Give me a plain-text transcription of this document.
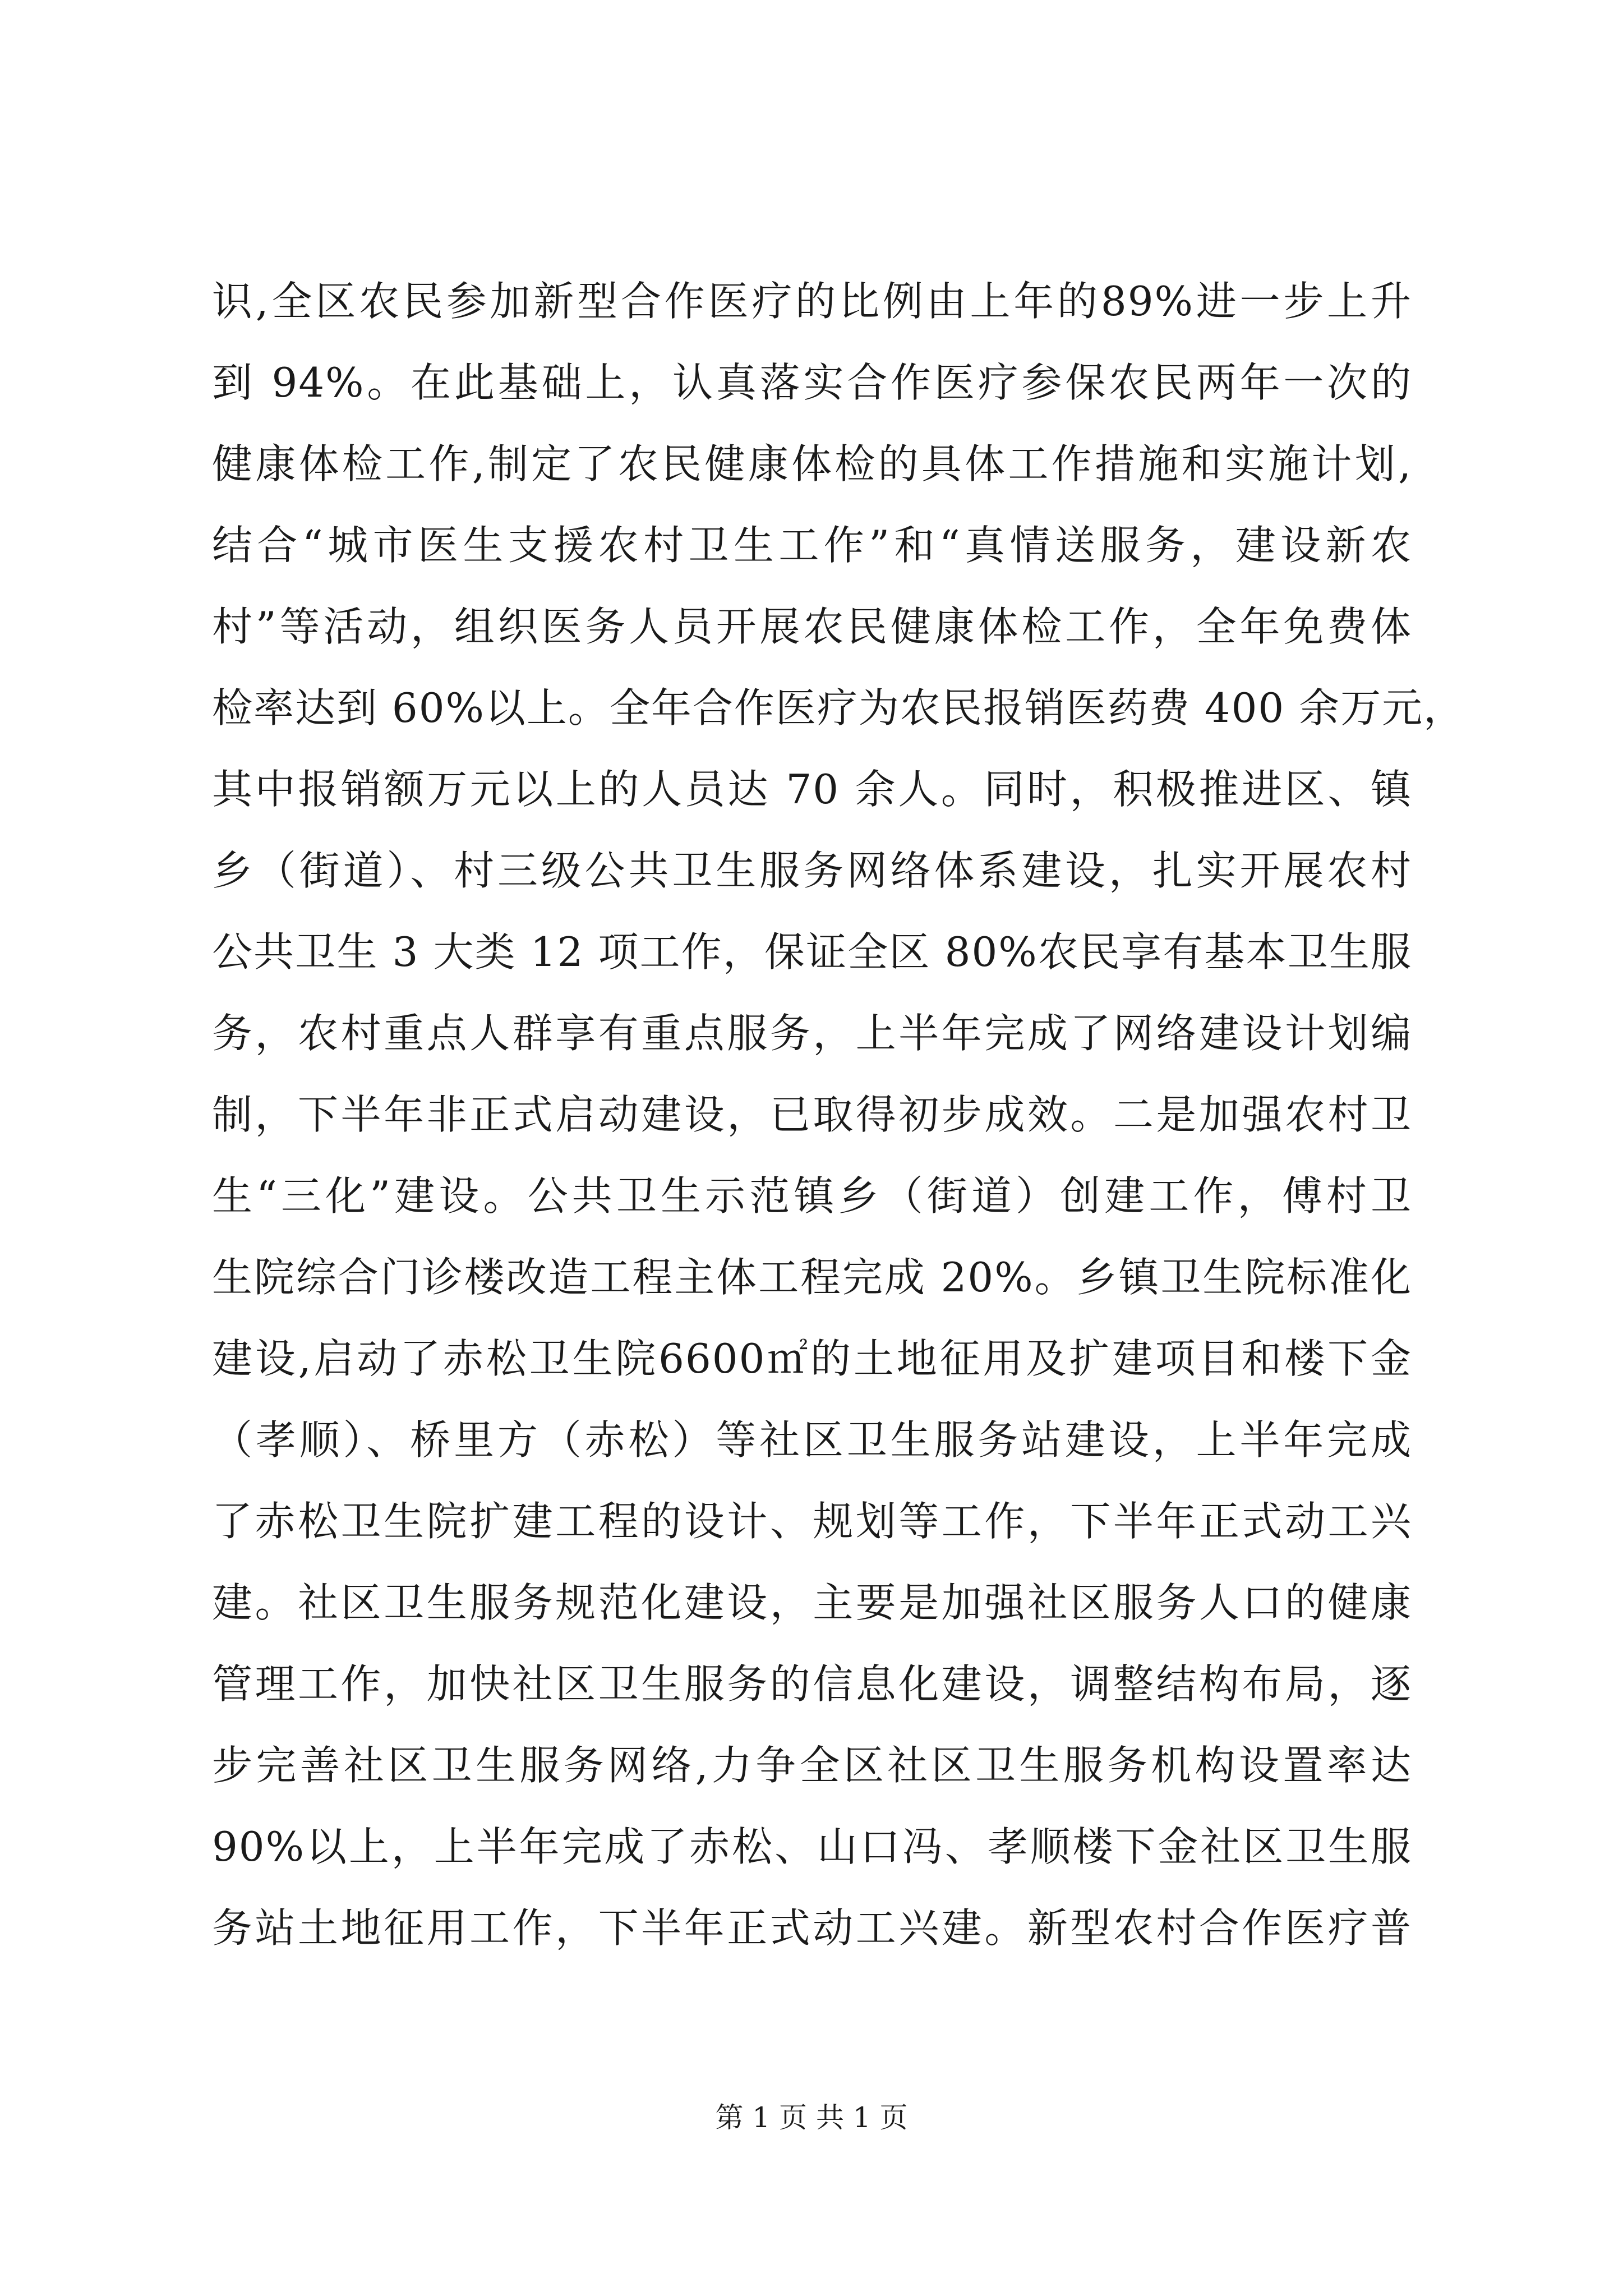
识,全区农民参加新型合作医疗的比例由上年的89%进一步上升
到 94%。在此基础上，认真落实合作医疗参保农民两年一次的
健康体检工作,制定了农民健康体检的具体工作措施和实施计划,
结合“城市医生支援农村卫生工作”和“真情送服务，建设新农
村”等活动，组织医务人员开展农民健康体检工作，全年免费体
检率达到 60%以上。全年合作医疗为农民报销医药费 400 余万元，
其中报销额万元以上的人员达 70 余人。同时，积极推进区、镇
乡（街道）、村三级公共卫生服务网络体系建设，扎实开展农村
公共卫生 3 大类 12 项工作，保证全区 80%农民享有基本卫生服
务，农村重点人群享有重点服务，上半年完成了网络建设计划编
制，下半年非正式启动建设，已取得初步成效。二是加强农村卫
生“三化”建设。公共卫生示范镇乡（街道）创建工作，傅村卫
生院综合门诊楼改造工程主体工程完成 20%。乡镇卫生院标准化
建设,启动了赤松卫生院6600㎡的土地征用及扩建项目和楼下金
（孝顺）、桥里方（赤松）等社区卫生服务站建设，上半年完成
了赤松卫生院扩建工程的设计、规划等工作，下半年正式动工兴
建。社区卫生服务规范化建设，主要是加强社区服务人口的健康
管理工作，加快社区卫生服务的信息化建设，调整结构布局，逐
步完善社区卫生服务网络,力争全区社区卫生服务机构设置率达
90%以上，上半年完成了赤松、山口冯、孝顺楼下金社区卫生服
务站土地征用工作，下半年正式动工兴建。新型农村合作医疗普
第 1 页 共 1 页
